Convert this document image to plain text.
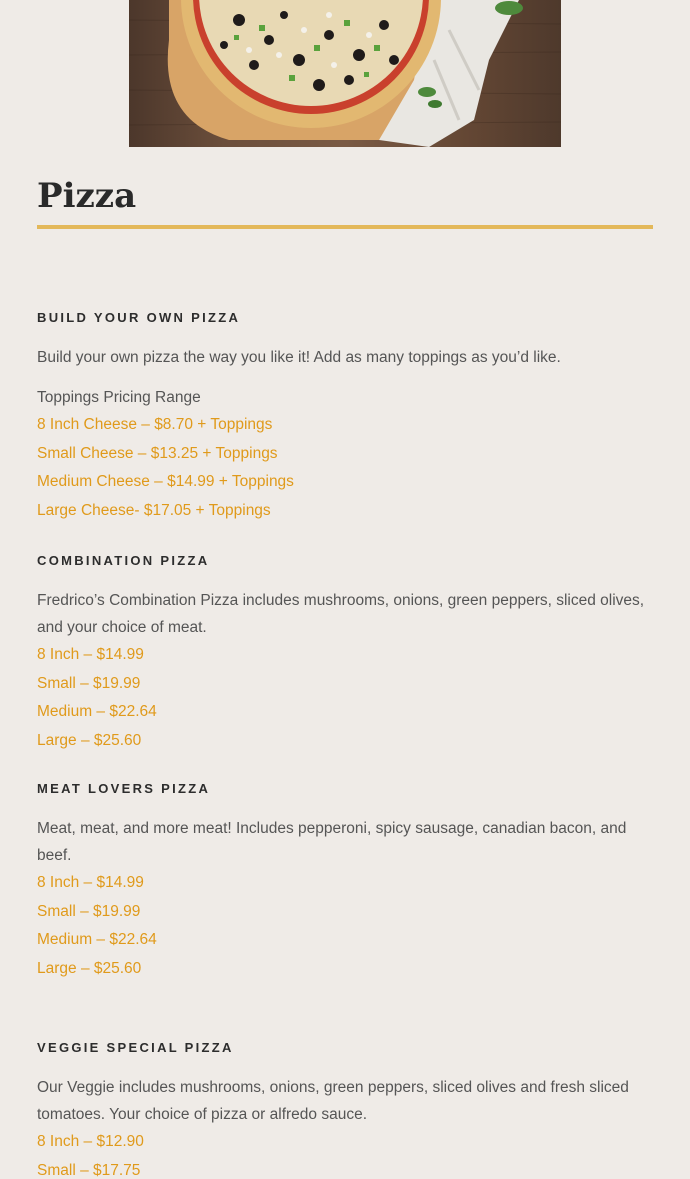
Pizza
BUILD YOUR OWN PIZZA

Build your own pizza the way you like it! Add as many toppings as you’d like.

Toppings Pricing Range

8 Inch Cheese – $8.70 + Toppings
Small Cheese – $13.25 + Toppings
Medium Cheese – $14.99 + Toppings
Large Cheese- $17.05 + Toppings
COMBINATION PIZZA

Fredrico’s Combination Pizza includes mushrooms, onions, green peppers, sliced olives, and your choice of meat.

8 Inch – $14.99
Small – $19.99
Medium – $22.64
Large – $25.60
MEAT LOVERS PIZZA

Meat, meat, and more meat! Includes pepperoni, spicy sausage, canadian bacon, and beef.

8 Inch – $14.99
Small – $19.99
Medium – $22.64
Large – $25.60
VEGGIE SPECIAL PIZZA

Our Veggie includes mushrooms, onions, green peppers, sliced olives and fresh sliced tomatoes. Your choice of pizza or alfredo sauce.

8 Inch – $12.90
Small – $17.75
